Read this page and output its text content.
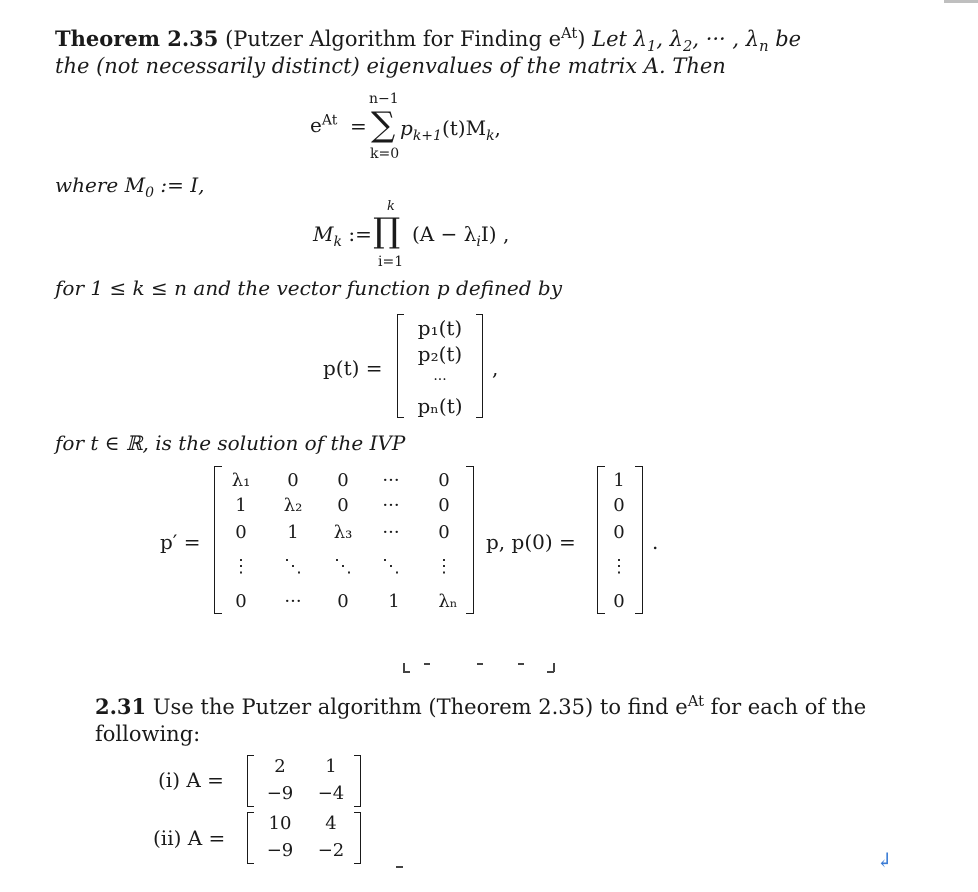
Theorem 2.35 (Putzer Algorithm for Finding $e^{At}$) Let $\lambda_1$, $\lambda_2$, ··· , $\lambda_n$ be
the (not necessarily distinct) eigenvalues of the matrix A. Then
$e^{At}$ =
n−1
∑
k=0
$p_{k+1}(t)M_k$,
where $M_0$ := I,
$M_k$ :=
k
∏
i=1
$(A - \lambda_iI)$ ,
for 1 ≤ k ≤ n and the vector function p defined by
p(t) =
p₁(t)
p₂(t)
···
pₙ(t)
,
for t ∈ ℝ, is the solution of the IVP
p′ =
λ₁	0	0	···	0
1	λ₂	0	···	0
0	1	λ₃	···	0
⋮	⋱	⋱	⋱	⋮
0	···	0	1	λₙ
p, p(0) =
1
0
0
⋮
0
.
2.31 Use the Putzer algorithm (Theorem 2.35) to find $e^{At}$ for each of the
following:
(i) A =
2	1
−9	−4
(ii) A =
10	4
−9	−2	↲
